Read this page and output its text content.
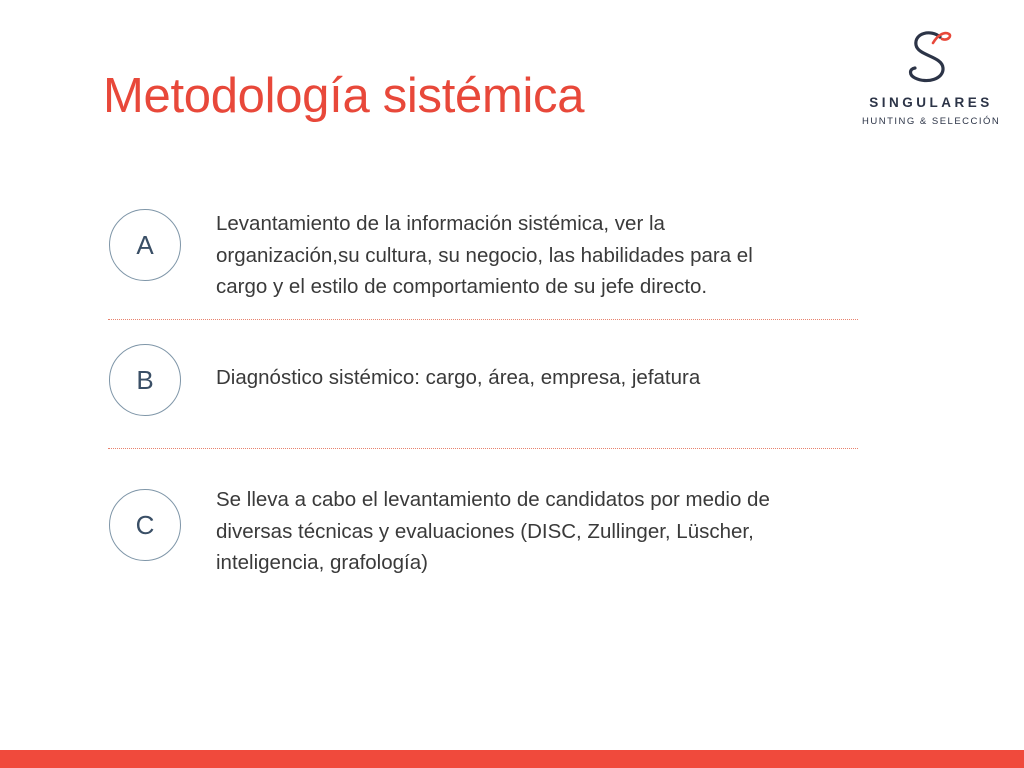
Metodología sistémica	SINGULARES
HUNTING & SELECCIÓN
A
Levantamiento de la información sistémica, ver la
organización,su cultura, su negocio, las habilidades para el
cargo y el estilo de comportamiento de su jefe directo.
B	Diagnóstico sistémico: cargo, área, empresa, jefatura
C
Se lleva a cabo el levantamiento de candidatos por medio de
diversas técnicas y evaluaciones (DISC, Zullinger, Lüscher,
inteligencia, grafología)
